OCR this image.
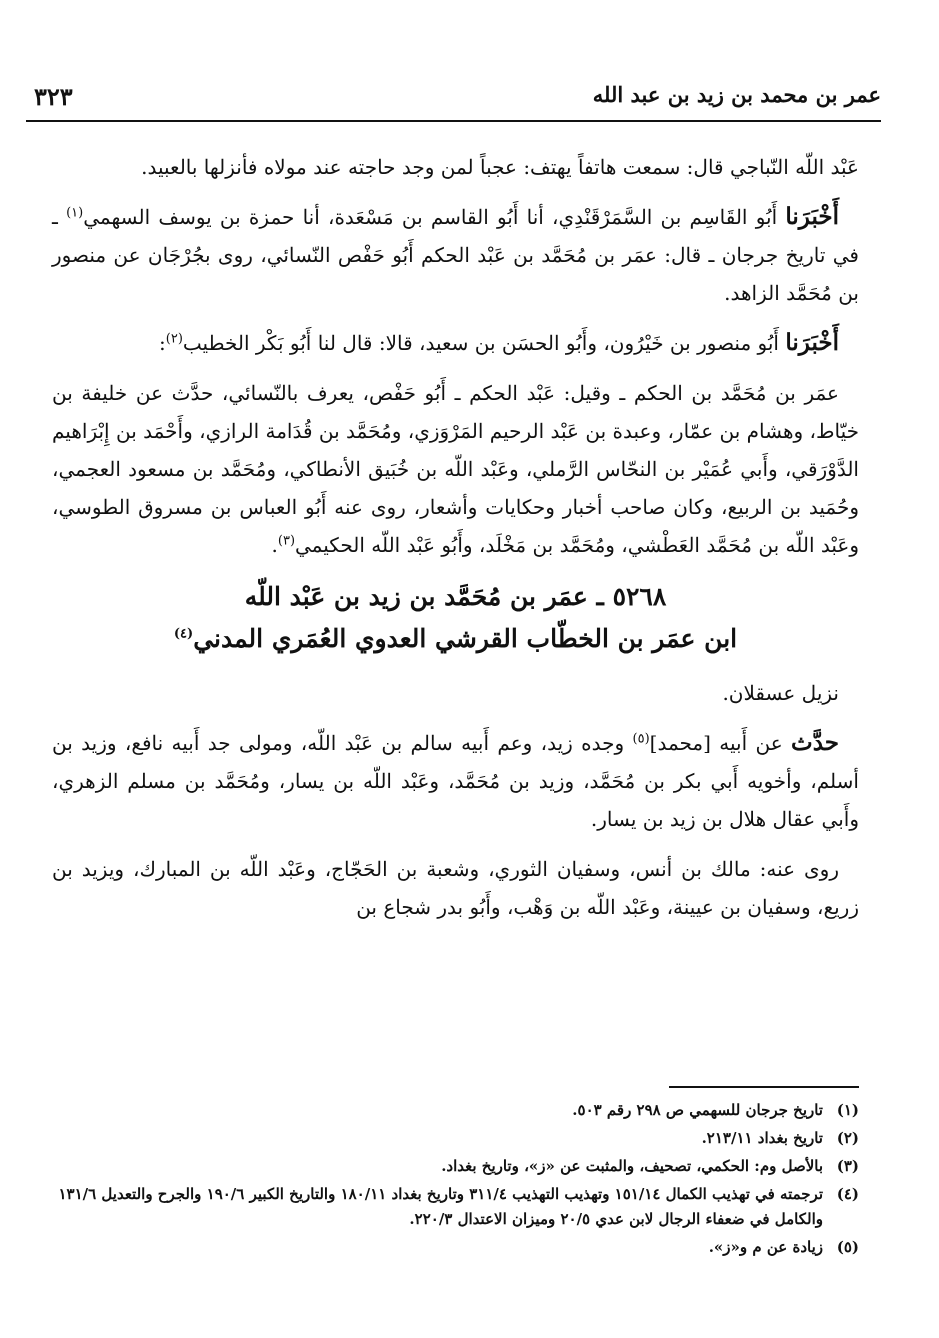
٣٢٣	عمر بن محمد بن زيد بن عبد الله

عَبْد اللّه النّباجي قال: سمعت هاتفاً يهتف: عجباً لمن وجد حاجته عند مولاه فأنزلها بالعبيد.

أَخْبَرَنا أَبُو القَاسِم بن السَّمَرْقَنْدِي، أنا أَبُو القاسم بن مَسْعَدة، أنا حمزة بن يوسف السهمي$^{(١)}$ ـ في تاريخ جرجان ـ قال: عمَر بن مُحَمَّد بن عَبْد الحكم أَبُو حَفْص النّسائي، روى بجُرْجَان عن منصور بن مُحَمَّد الزاهد.

أَخْبَرَنا أَبُو منصور بن خَيْرُون، وأَبُو الحسَن بن سعيد، قالا: قال لنا أَبُو بَكْر الخطيب$^{(٢)}$:

عمَر بن مُحَمَّد بن الحكم ـ وقيل: عَبْد الحكم ـ أَبُو حَفْص، يعرف بالنّسائي، حدَّث عن خليفة بن خيّاط، وهشام بن عمّار، وعبدة بن عَبْد الرحيم المَرْوَزي، ومُحَمَّد بن قُدَامة الرازي، وأَحْمَد بن إِبْرَاهيم الدَّوْرَقي، وأَبي عُمَيْر بن النحّاس الرَّملي، وعَبْد اللّه بن خُبَيق الأنطاكي، ومُحَمَّد بن مسعود العجمي، وحُمَيد بن الربيع، وكان صاحب أخبار وحكايات وأشعار، روى عنه أَبُو العباس بن مسروق الطوسي، وعَبْد اللّه بن مُحَمَّد العَطْشي، ومُحَمَّد بن مَخْلَد، وأَبُو عَبْد اللّه الحكيمي$^{(٣)}$.

٥٢٦٨ ـ عمَر بن مُحَمَّد بن زيد بن عَبْد اللّه
ابن عمَر بن الخطّاب القرشي العدوي العُمَري المدني$^{(٤)}$

نزيل عسقلان.

حدَّث عن أَبيه [محمد]$^{(٥)}$ وجده زيد، وعم أَبيه سالم بن عَبْد اللّه، ومولى جد أَبيه نافع، وزيد بن أسلم، وأخويه أَبي بكر بن مُحَمَّد، وزيد بن مُحَمَّد، وعَبْد اللّه بن يسار، ومُحَمَّد بن مسلم الزهري، وأَبي عقال هلال بن زيد بن يسار.

روى عنه: مالك بن أنس، وسفيان الثوري، وشعبة بن الحَجّاج، وعَبْد اللّه بن المبارك، ويزيد بن زريع، وسفيان بن عيينة، وعَبْد اللّه بن وَهْب، وأَبُو بدر شجاع بن

(١)
تاريخ جرجان للسهمي ص ٢٩٨ رقم ٥٠٣.
(٢)
تاريخ بغداد ٢١٣/١١.
(٣)
بالأصل وم: الحكمي، تصحيف، والمثبت عن «ز»، وتاريخ بغداد.
(٤)
ترجمته في تهذيب الكمال ١٥١/١٤ وتهذيب التهذيب ٣١١/٤ وتاريخ بغداد ١٨٠/١١ والتاريخ الكبير ١٩٠/٦ والجرح والتعديل ١٣١/٦ والكامل في ضعفاء الرجال لابن عدي ٢٠/٥ وميزان الاعتدال ٢٢٠/٣.
(٥)
زيادة عن م و«ز».
